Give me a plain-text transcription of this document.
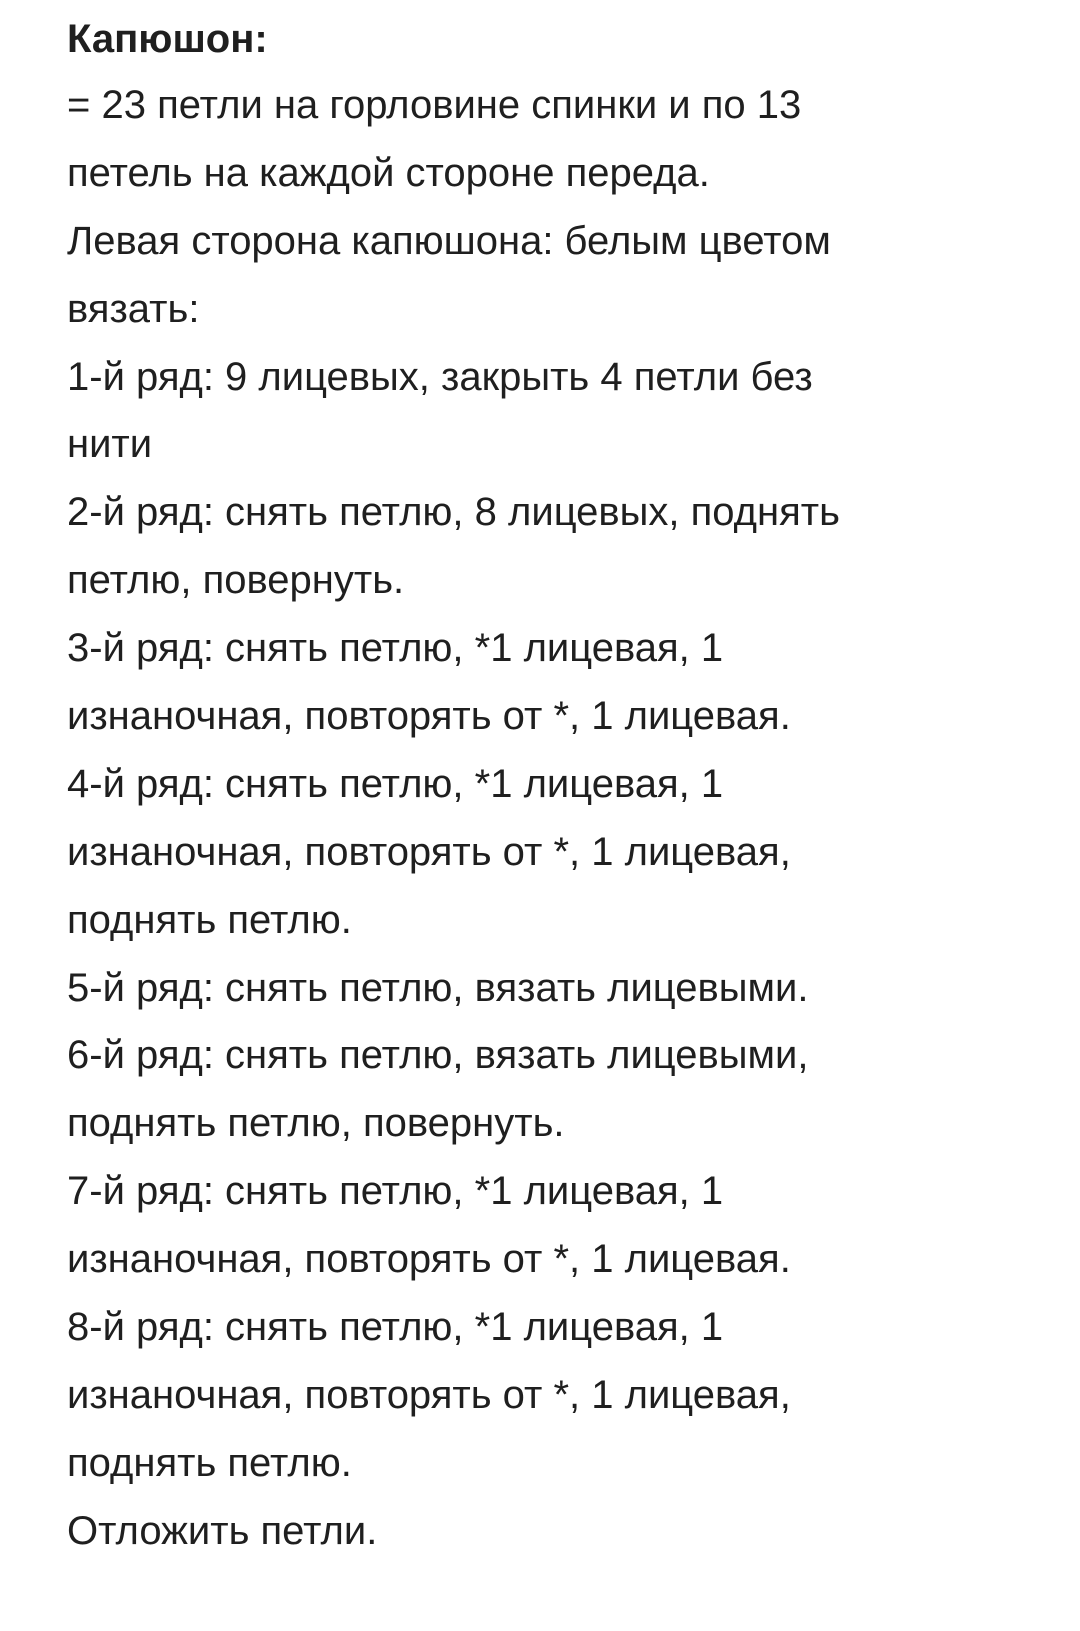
Капюшон:
= 23 петли на горловине спинки и по 13
петель на каждой стороне переда.
Левая сторона капюшона: белым цветом
вязать:
1-й ряд: 9 лицевых, закрыть 4 петли без
нити
2-й ряд: снять петлю, 8 лицевых, поднять
петлю, повернуть.
3-й ряд: снять петлю, *1 лицевая, 1
изнаночная, повторять от *, 1 лицевая.
4-й ряд: снять петлю, *1 лицевая, 1
изнаночная, повторять от *, 1 лицевая,
поднять петлю.
5-й ряд: снять петлю, вязать лицевыми.
6-й ряд: снять петлю, вязать лицевыми,
поднять петлю, повернуть.
7-й ряд: снять петлю, *1 лицевая, 1
изнаночная, повторять от *, 1 лицевая.
8-й ряд: снять петлю, *1 лицевая, 1
изнаночная, повторять от *, 1 лицевая,
поднять петлю.
Отложить петли.
